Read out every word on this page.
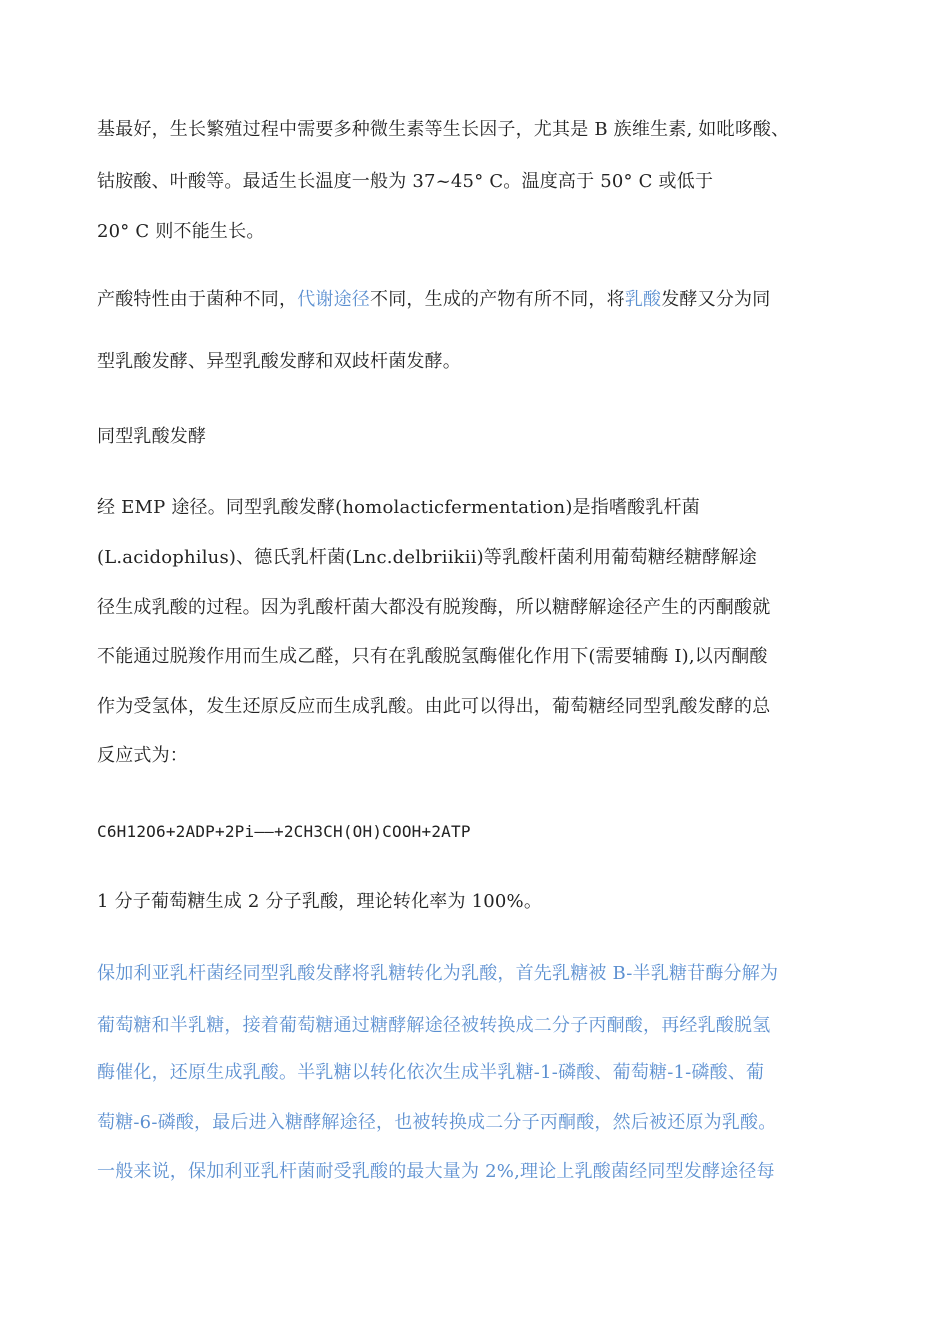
基最好，生长繁殖过程中需要多种微生素等生长因子，尤其是 B 族维生素, 如吡哆酸、
钴胺酸、叶酸等。最适生长温度一般为 37~45° C。温度高于 50° C 或低于
20° C 则不能生长。
产酸特性由于菌种不同，代谢途径不同，生成的产物有所不同，将乳酸发酵又分为同
型乳酸发酵、异型乳酸发酵和双歧杆菌发酵。
同型乳酸发酵
经 EMP 途径。同型乳酸发酵(homolacticfermentation)是指嗜酸乳杆菌
(L.acidophilus)、德氏乳杆菌(Lnc.delbriikii)等乳酸杆菌利用葡萄糖经糖酵解途
径生成乳酸的过程。因为乳酸杆菌大都没有脱羧酶，所以糖酵解途径产生的丙酮酸就
不能通过脱羧作用而生成乙醛，只有在乳酸脱氢酶催化作用下(需要辅酶 I),以丙酮酸
作为受氢体，发生还原反应而生成乳酸。由此可以得出，葡萄糖经同型乳酸发酵的总
反应式为：
C6H12O6+2ADP+2Pi——+2CH3CH(OH)COOH+2ATP
1 分子葡萄糖生成 2 分子乳酸，理论转化率为 100%。
保加利亚乳杆菌经同型乳酸发酵将乳糖转化为乳酸，首先乳糖被 B-半乳糖苷酶分解为
葡萄糖和半乳糖，接着葡萄糖通过糖酵解途径被转换成二分子丙酮酸，再经乳酸脱氢
酶催化，还原生成乳酸。半乳糖以转化依次生成半乳糖-1-磷酸、葡萄糖-1-磷酸、葡
萄糖-6-磷酸，最后进入糖酵解途径，也被转换成二分子丙酮酸，然后被还原为乳酸。
一般来说，保加利亚乳杆菌耐受乳酸的最大量为 2%,理论上乳酸菌经同型发酵途径每
